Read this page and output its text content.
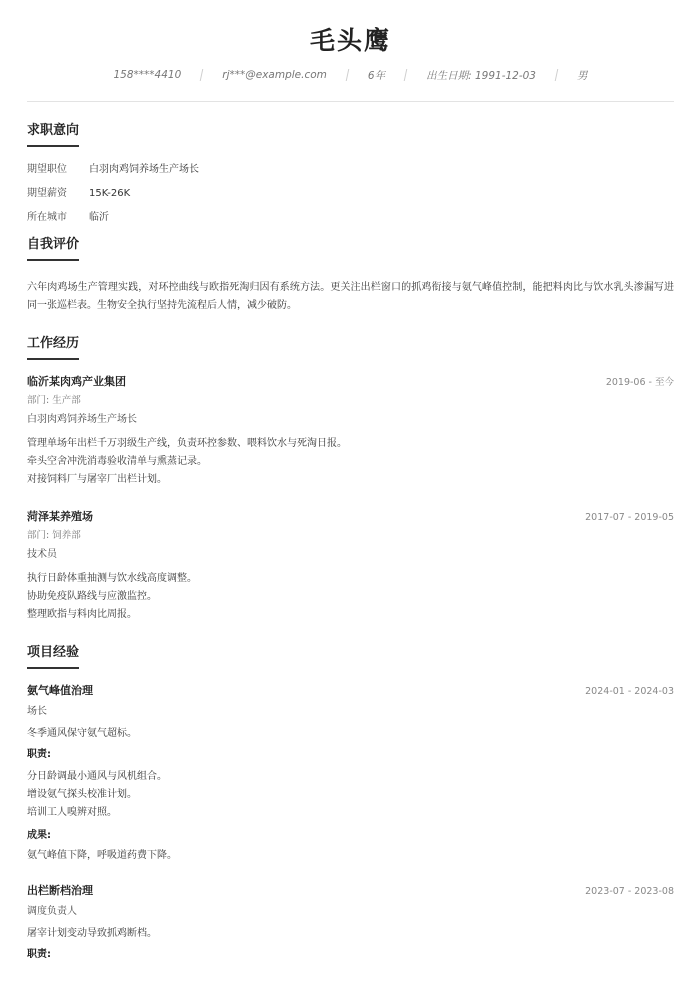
毛头鹰
158****4410	rj***@example.com	6年	出生日期: 1991-12-03	男
求职意向
期望职位	白羽肉鸡饲养场生产场长
期望薪资	15K-26K
所在城市	临沂
自我评价
六年肉鸡场生产管理实践，对环控曲线与欧指死淘归因有系统方法。更关注出栏窗口的抓鸡衔接与氨气峰值控制，能把料肉比与饮水乳头渗漏写进同一张巡栏表。生物安全执行坚持先流程后人情，减少破防。
工作经历
临沂某肉鸡产业集团	2019-06 - 至今
部门: 生产部
白羽肉鸡饲养场生产场长
管理单场年出栏千万羽级生产线，负责环控参数、喂料饮水与死淘日报。
牵头空舍冲洗消毒验收清单与熏蒸记录。
对接饲料厂与屠宰厂出栏计划。
菏泽某养殖场	2017-07 - 2019-05
部门: 饲养部
技术员
执行日龄体重抽测与饮水线高度调整。
协助免疫队路线与应激监控。
整理欧指与料肉比周报。
项目经验
氨气峰值治理	2024-01 - 2024-03
场长
冬季通风保守氨气超标。
职责:
分日龄调最小通风与风机组合。
增设氨气探头校准计划。
培训工人嗅辨对照。
成果:
氨气峰值下降，呼吸道药费下降。
出栏断档治理	2023-07 - 2023-08
调度负责人
屠宰计划变动导致抓鸡断档。
职责:
